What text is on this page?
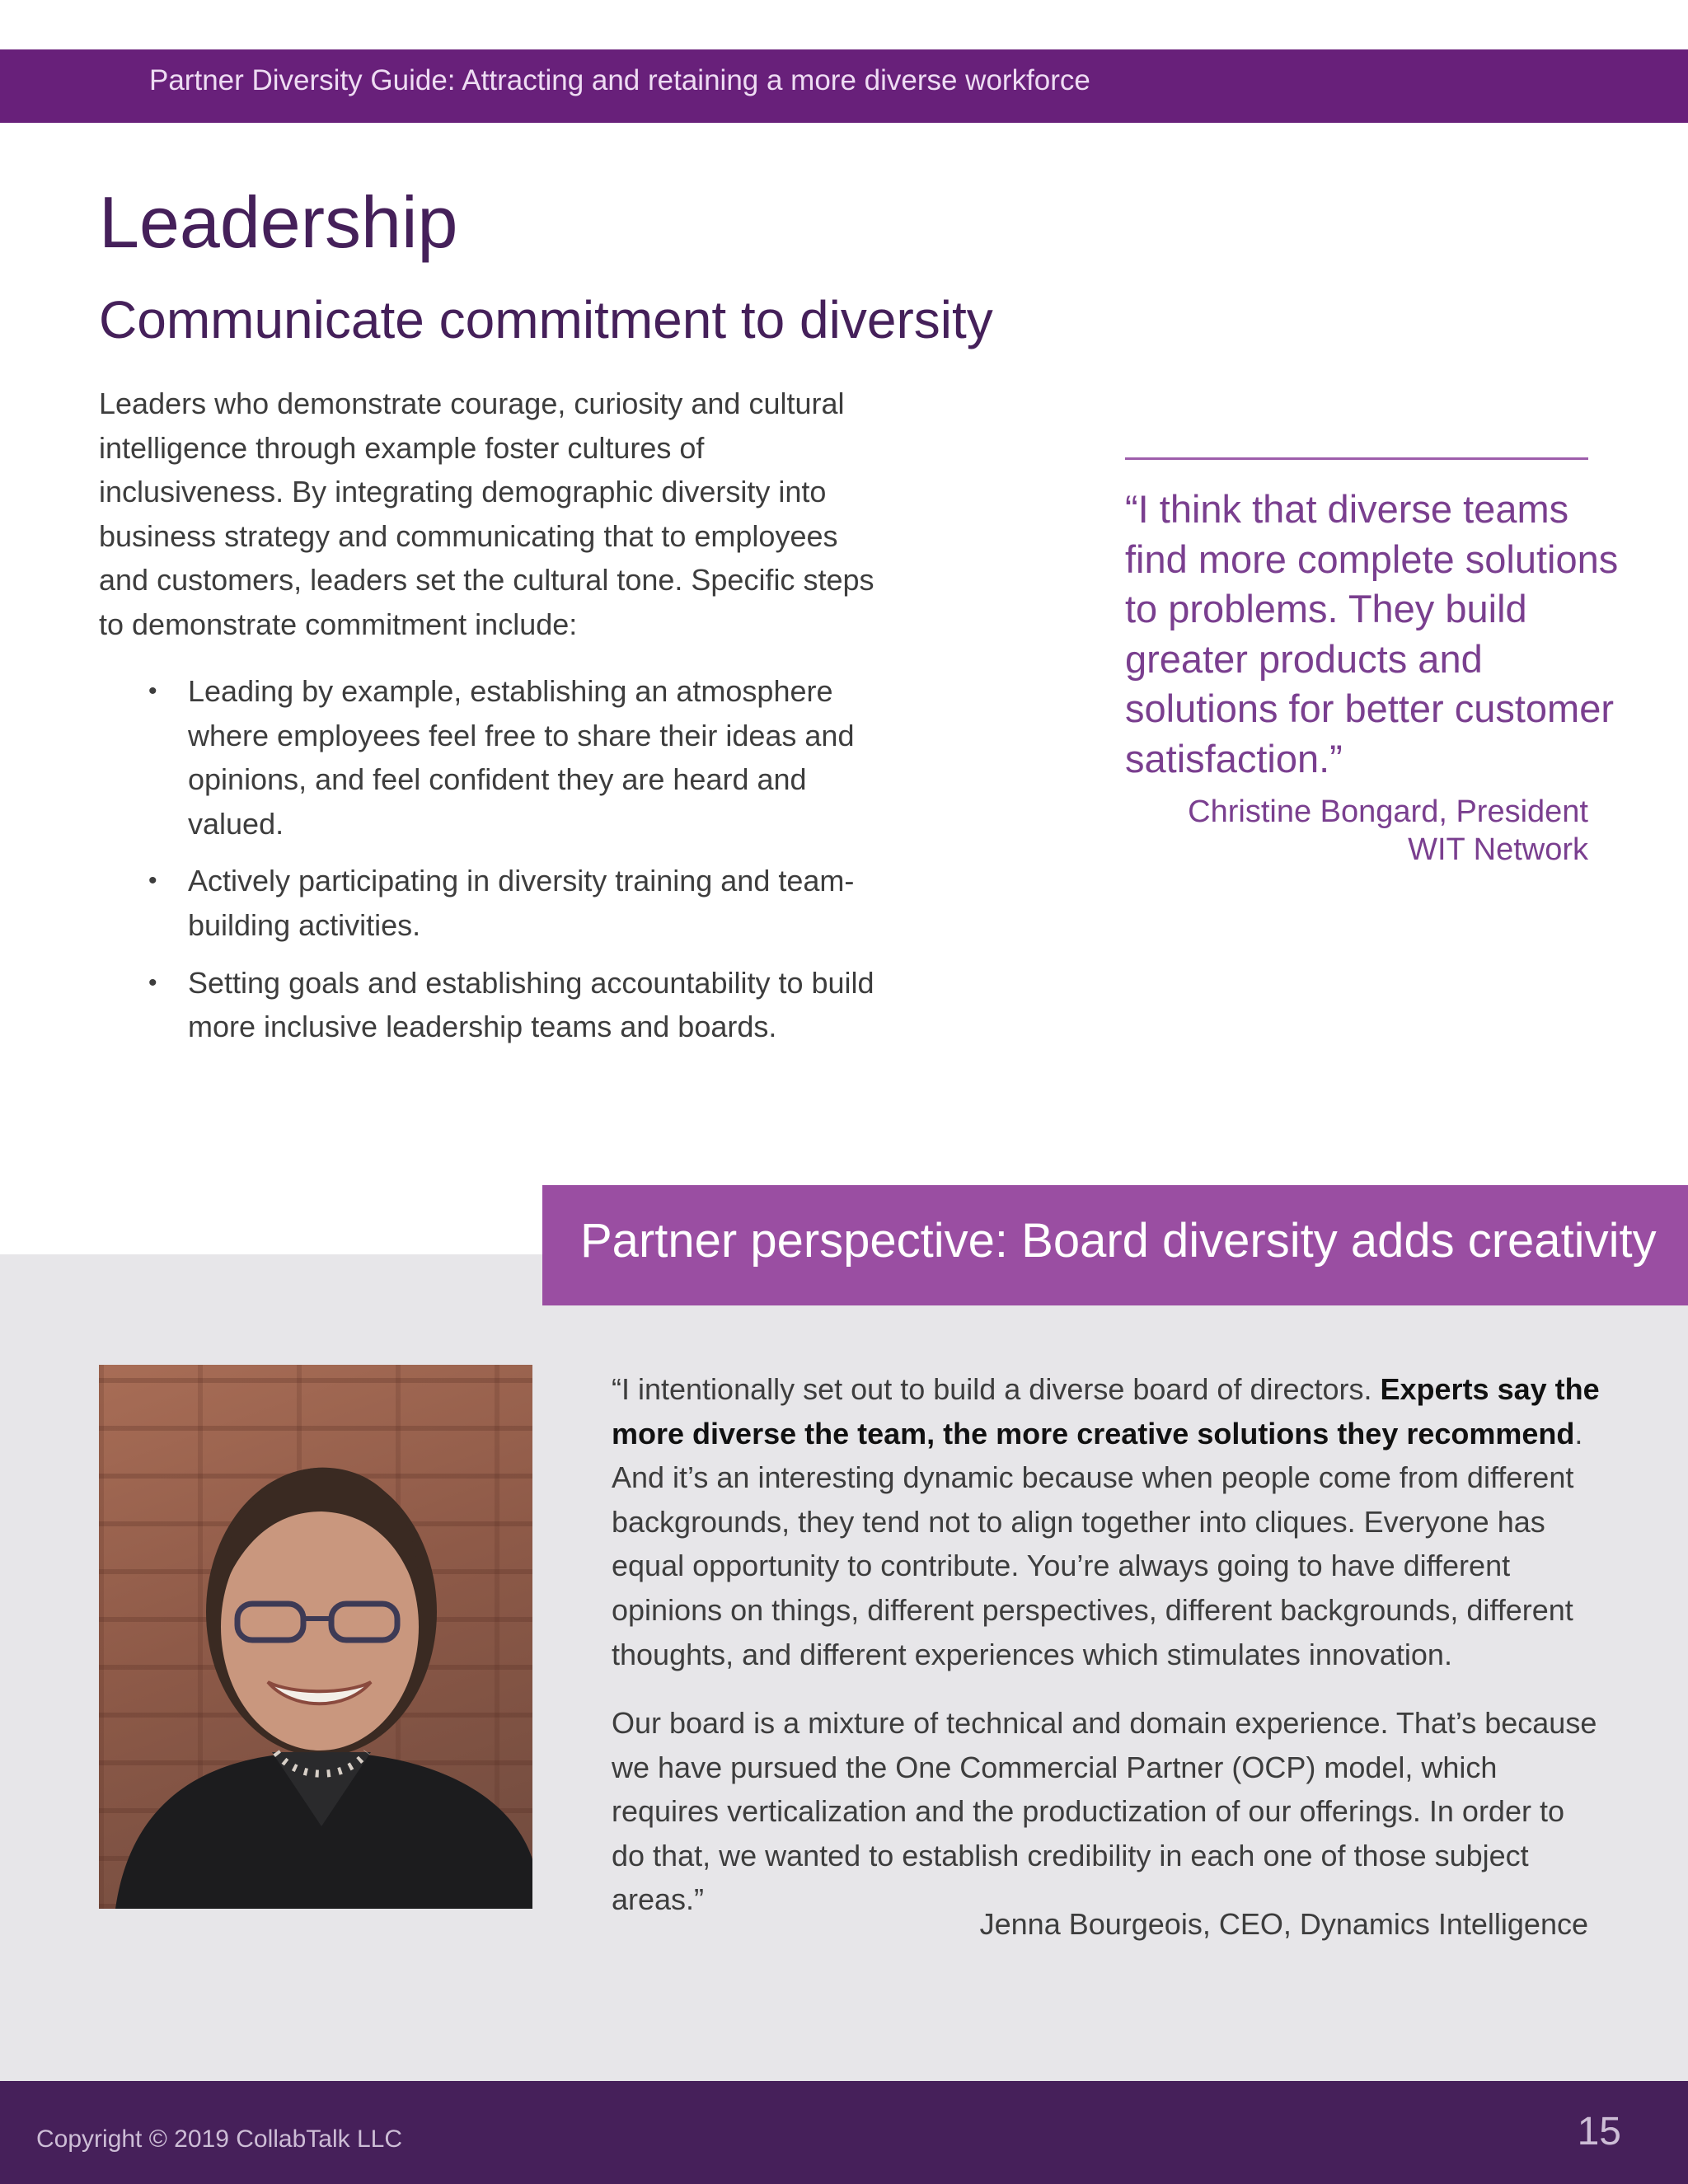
Partner Diversity Guide: Attracting and retaining a more diverse workforce
Leadership
Communicate commitment to diversity

Leaders who demonstrate courage, curiosity and cultural intelligence through example foster cultures of inclusiveness. By integrating demographic diversity into business strategy and communicating that to employees and customers, leaders set the cultural tone. Specific steps to demonstrate commitment include:

• Leading by example, establishing an atmosphere where employees feel free to share their ideas and opinions, and feel confident they are heard and valued.
• Actively participating in diversity training and team-building activities.
• Setting goals and establishing accountability to build more inclusive leadership teams and boards.

“I think that diverse teams find more complete solutions to problems. They build greater products and solutions for better customer satisfaction.”

Christine Bongard, President
WIT Network

Partner perspective: Board diversity adds creativity

“I intentionally set out to build a diverse board of directors. Experts say the more diverse the team, the more creative solutions they recommend. And it’s an interesting dynamic because when people come from different backgrounds, they tend not to align together into cliques. Everyone has equal opportunity to contribute. You’re always going to have different opinions on things, different perspectives, different backgrounds, different thoughts, and different experiences which stimulates innovation.

Our board is a mixture of technical and domain experience. That’s because we have pursued the One Commercial Partner (OCP) model, which requires verticalization and the productization of our offerings. In order to do that, we wanted to establish credibility in each one of those subject areas.”

Jenna Bourgeois, CEO, Dynamics Intelligence

Copyright © 2019 CollabTalk LLC	15
